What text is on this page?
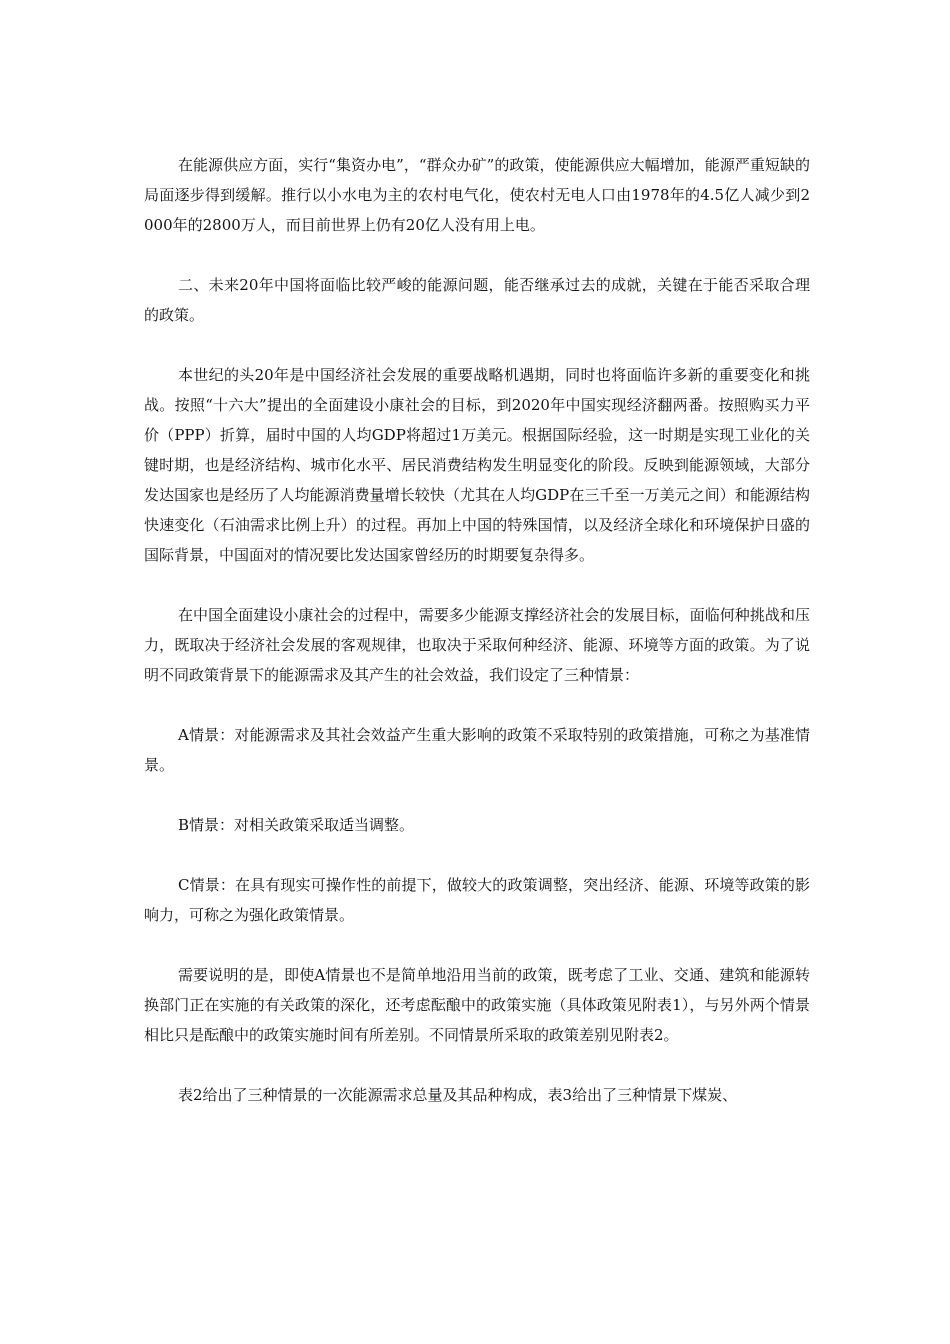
在能源供应方面，实行“集资办电”，“群众办矿”的政策，使能源供应大幅增加，能源严重短缺的局面逐步得到缓解。推行以小水电为主的农村电气化，使农村无电人口由1978年的4.5亿人减少到2000年的2800万人，而目前世界上仍有20亿人没有用上电。

二、未来20年中国将面临比较严峻的能源问题，能否继承过去的成就，关键在于能否采取合理的政策。

本世纪的头20年是中国经济社会发展的重要战略机遇期，同时也将面临许多新的重要变化和挑战。按照“十六大”提出的全面建设小康社会的目标，到2020年中国实现经济翻两番。按照购买力平价（PPP）折算，届时中国的人均GDP将超过1万美元。根据国际经验，这一时期是实现工业化的关键时期，也是经济结构、城市化水平、居民消费结构发生明显变化的阶段。反映到能源领域，大部分发达国家也是经历了人均能源消费量增长较快（尤其在人均GDP在三千至一万美元之间）和能源结构快速变化（石油需求比例上升）的过程。再加上中国的特殊国情，以及经济全球化和环境保护日盛的国际背景，中国面对的情况要比发达国家曾经历的时期要复杂得多。

在中国全面建设小康社会的过程中，需要多少能源支撑经济社会的发展目标，面临何种挑战和压力，既取决于经济社会发展的客观规律，也取决于采取何种经济、能源、环境等方面的政策。为了说明不同政策背景下的能源需求及其产生的社会效益，我们设定了三种情景：

A情景：对能源需求及其社会效益产生重大影响的政策不采取特别的政策措施，可称之为基准情景。

B情景：对相关政策采取适当调整。

C情景：在具有现实可操作性的前提下，做较大的政策调整，突出经济、能源、环境等政策的影响力，可称之为强化政策情景。

需要说明的是，即使A情景也不是简单地沿用当前的政策，既考虑了工业、交通、建筑和能源转换部门正在实施的有关政策的深化，还考虑酝酿中的政策实施（具体政策见附表1），与另外两个情景相比只是酝酿中的政策实施时间有所差别。不同情景所采取的政策差别见附表2。

表2给出了三种情景的一次能源需求总量及其品种构成，表3给出了三种情景下煤炭、
